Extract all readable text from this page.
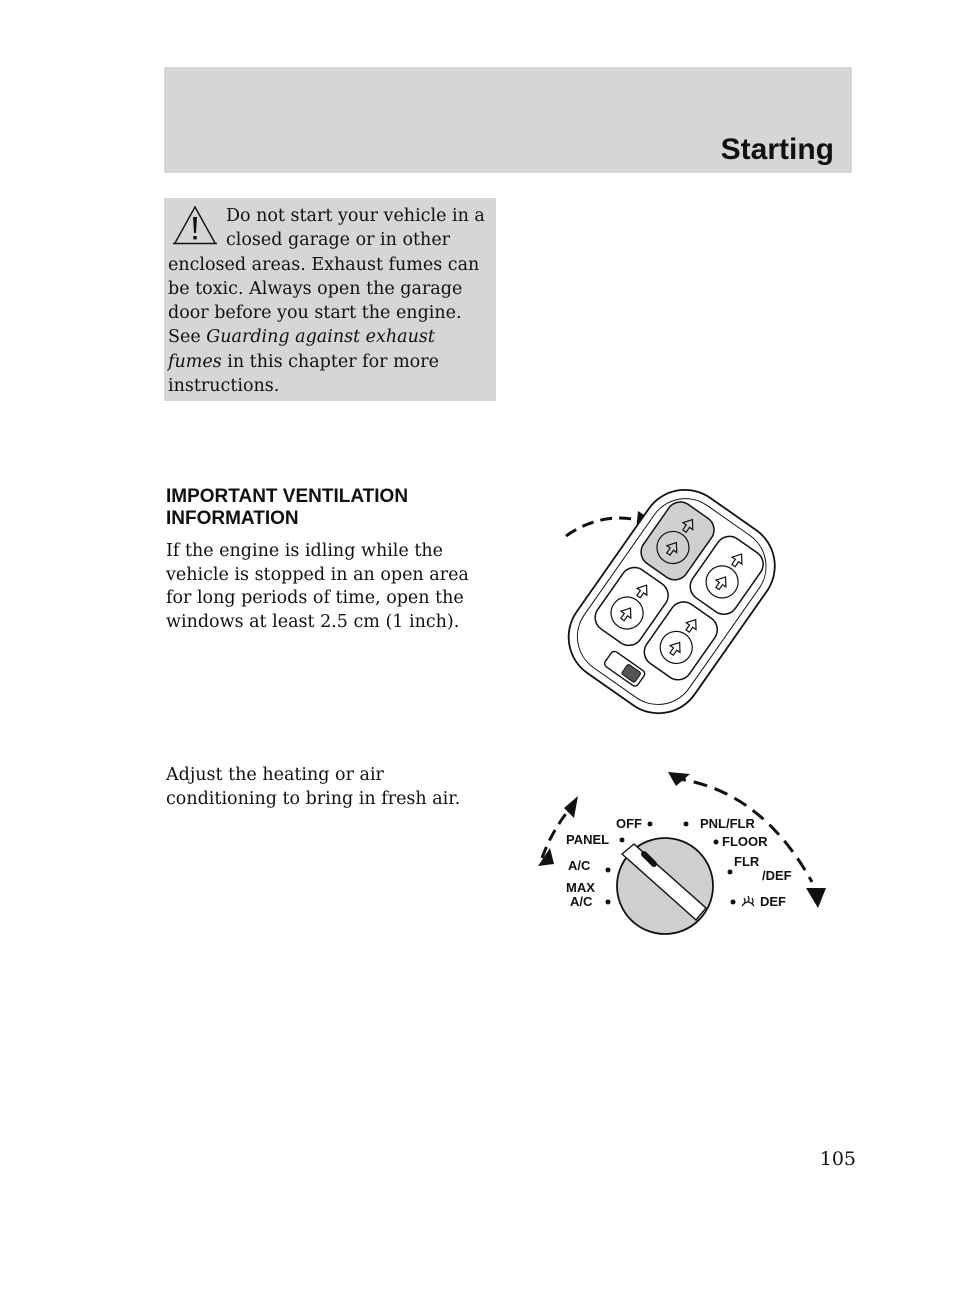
Starting

Do not start your vehicle in a closed garage or in other enclosed areas. Exhaust fumes can be toxic. Always open the garage door before you start the engine. See Guarding against exhaust fumes in this chapter for more instructions.

IMPORTANT VENTILATION INFORMATION

If the engine is idling while the vehicle is stopped in an open area for long periods of time, open the windows at least 2.5 cm (1 inch).

Adjust the heating or air conditioning to bring in fresh air.

OFF
PANEL
A/C
MAX
A/C
PNL/FLR
FLOOR
FLR
/DEF
DEF
105
